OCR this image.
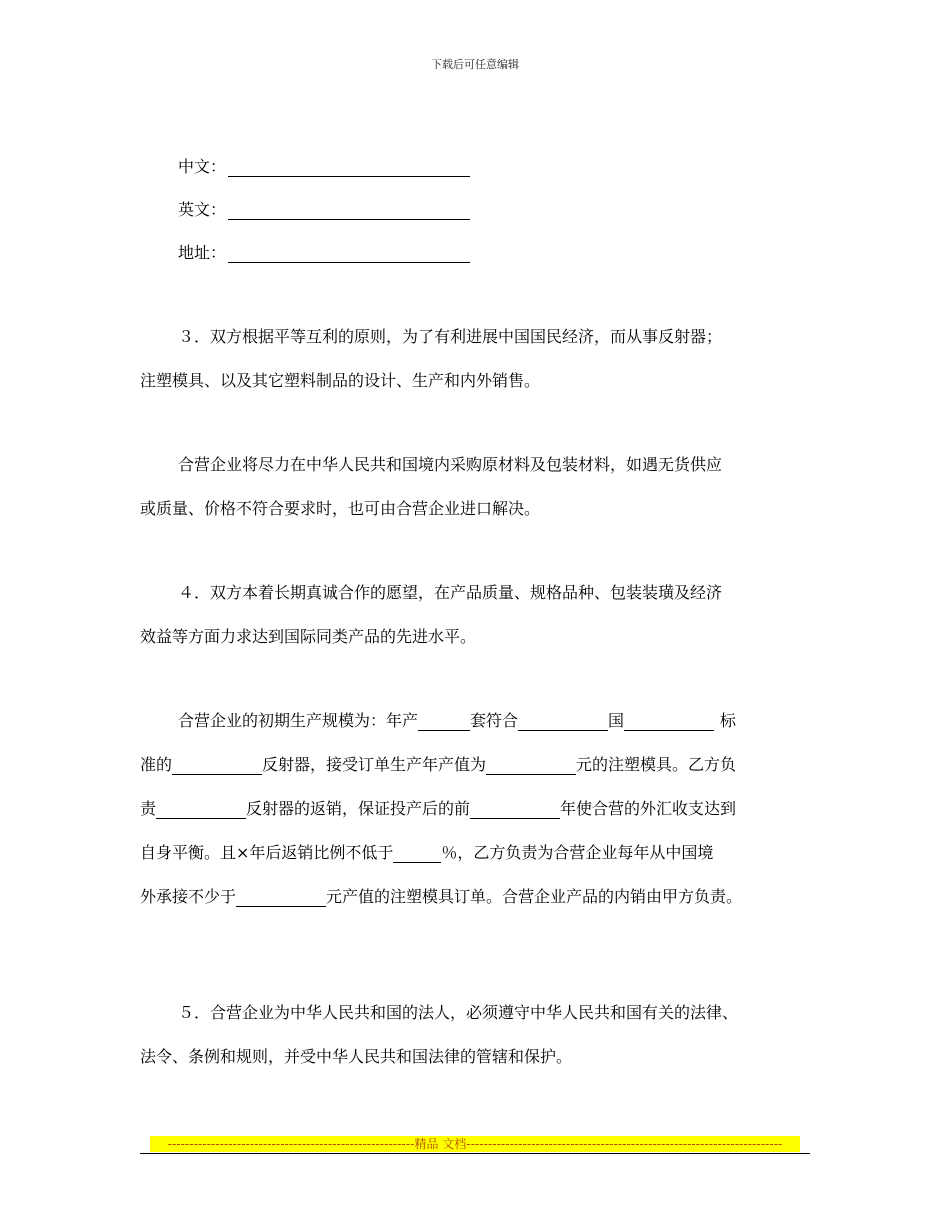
下载后可任意编辑
中文：
英文：
地址：

３．双方根据平等互利的原则，为了有利进展中国国民经济，而从事反射器；

注塑模具、以及其它塑料制品的设计、生产和内外销售。

合营企业将尽力在中华人民共和国境内采购原材料及包装材料，如遇无货供应

或质量、价格不符合要求时，也可由合营企业进口解决。

４．双方本着长期真诚合作的愿望，在产品质量、规格品种、包装装璜及经济

效益等方面力求达到国际同类产品的先进水平。

合营企业的初期生产规模为：年产	套符合	国	标

准的	反射器，接受订单生产年产值为	元的注塑模具。乙方负

责	反射器的返销，保证投产后的前	年使合营的外汇收支达到

自身平衡。且×年后返销比例不低于	％，乙方负责为合营企业每年从中国境

外承接不少于	元产值的注塑模具订单。合营企业产品的内销由甲方负责。

５．合营企业为中华人民共和国的法人，必须遵守中华人民共和国有关的法律、

法令、条例和规则，并受中华人民共和国法律的管辖和保护。

---------------------------------------------------------精品 文档-------------------------------------------------------------------------
